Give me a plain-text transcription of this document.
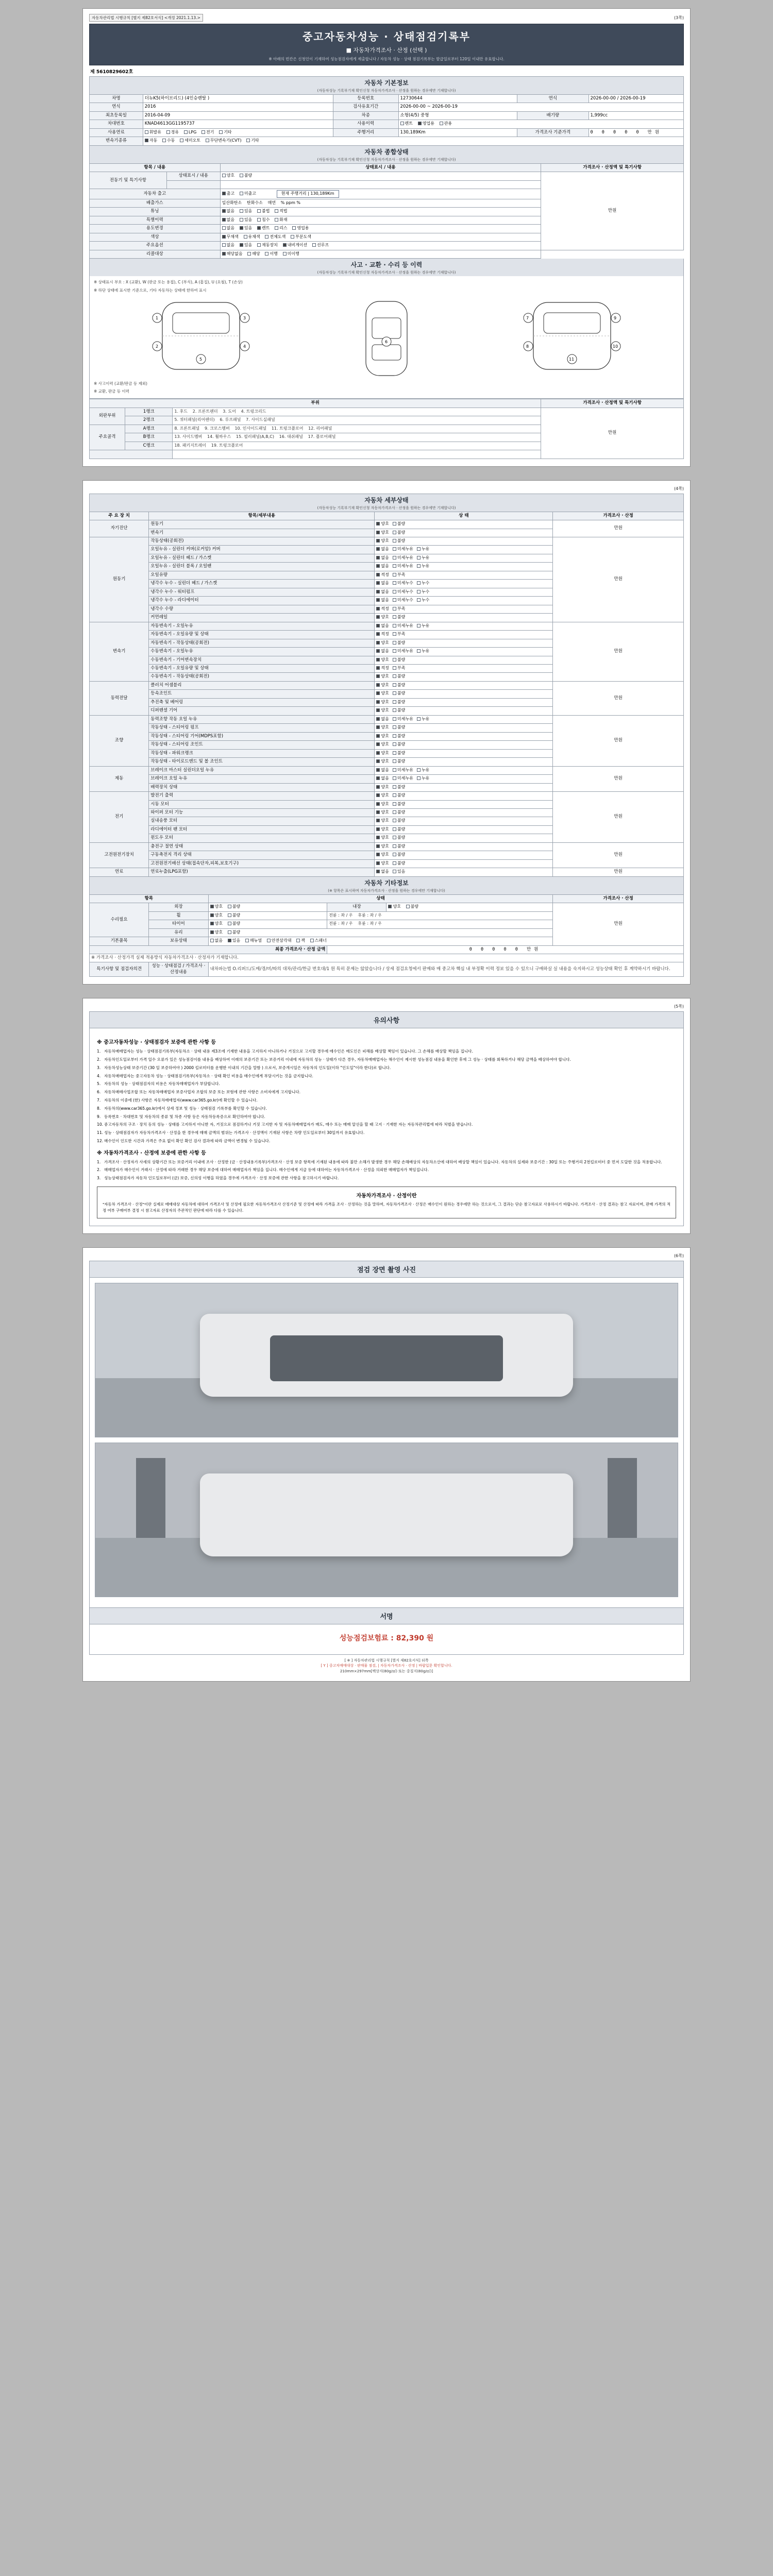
자동차관리법 시행규칙 [별지 제82호서식] <개정 2021.1.13.>	(3쪽)
중고자동차성능 · 상태점검기록부
■ 자동차가격조사 · 산정 (선택 )
※ 아래의 빈칸은 신청인이 기재하여 성능점검자에게 제출합니다 / 자동차 성능 · 상태 점검기록부는 발급일로부터 120일 이내만 유효합니다.
제 5610829602호
자동차 기본정보
(자동차성능 기록부기재 확인신청 자동차가격조사 · 산정을 원하는 경우에만 기재합니다)
차명	더뉴K5(하이브리드) (4인승렌탈 )	등록번호	12730644	연식	2026-00-00 / 2026-00-19
연식	2016	검사유효기간	2026-00-00 ~ 2026-00-19		
최초등록일	2016-04-09	차종	소형(4/5) 중형	배기량	1,999cc
차대번호	KNAD4613GG1195737	사용이력	렌트 영업용 관용		
사용연료	휘발유 경유 LPG 전기 기타	주행거리	130,189Km	가격조사 기준가격	0 0 0 0 0 만원
변속기종류	자동 수동 세미오토 무단변속기(CVT) 기타				
자동차 종합상태
(자동차성능 기록부기재 확인신청 자동차가격조사 · 산정을 원하는 경우에만 기재합니다)
항목 / 내용		상태표시 / 내용	가격조사 · 산정액 및 특기사항
전동기 및 특기사항	상태표시 / 내용	양호 불량	만원

자동차 출고		출고 미출고 현재 주행거리 | 130,189Km	
배출가스		일산화탄소 탄화수소 매연 % ppm %	
튜닝		없음 있음 불법 적법	
특별이력		없음 있음 침수 화재	
용도변경		없음 있음 렌트 리스 영업용	
색상		무채색 유채색 전체도색 부분도색	
주요옵션		없음 있음 제동장치 내비게이션 선루프	
리콜대상		해당없음 해당 이행 미이행	
사고 · 교환 · 수리 등 이력
(자동차성능 기록부기재 확인신청 자동차가격조사 · 산정을 원하는 경우에만 기재합니다)
※ 상태표시 부호 : X (교환), W (판금 또는 용접), C (부식), A (흠집), U (요철), T (손상)
※ 하단 상태에 표시한 기준으로, 기타 자동차는 상태에 한하여 표시
1
2
3
4
5
6
7
8
9
10
11
※ 사고이력 (교환/판금 등 제외)
※ 교환, 판금 등 이력
부위			가격조사 · 산정액 및 특기사항
외판부위	1랭크	1. 후드 2. 프론트펜더 3. 도어 4. 트렁크리드	만원
	2랭크	5. 쿼터패널(리어펜더) 6. 루프패널 7. 사이드실패널	
주요골격	A랭크	8. 프론트패널 9. 크로스멤버 10. 인사이드패널 11. 트렁크플로어 12. 리어패널	
	B랭크	13. 사이드멤버 14. 휠하우스 15. 필러패널(A,B,C) 16. 대쉬패널 17. 플로어패널	
	C랭크	18. 패키지트레이 19. 트렁크플로어	

(4쪽)
자동차 세부상태
(자동차성능 기록부기재 확인신청 자동차가격조사 · 산정을 원하는 경우에만 기재합니다)
주 요 장 치	항목/세부내용	상 태	가격조사 · 산정
자기진단	원동기	양호 불량	만원
	변속기	양호 불량	
원동기	작동상태(공회전)	양호 불량	만원
	오일누유 - 실린더 커버(로커암) 커버	없음 미세누유 누유	
	오일누유 - 실린더 헤드 / 가스켓	없음 미세누유 누유	
	오일누유 - 실린더 블록 / 오일팬	없음 미세누유 누유	
	오일유량	적정 부족	
	냉각수 누수 - 실린더 헤드 / 가스켓	없음 미세누수 누수	
	냉각수 누수 - 워터펌프	없음 미세누수 누수	
	냉각수 누수 - 라디에이터	없음 미세누수 누수	
	냉각수 수량	적정 부족	
	커먼레일	양호 불량	
변속기	자동변속기 - 오일누유	없음 미세누유 누유	만원
	자동변속기 - 오일유량 및 상태	적정 부족	
	자동변속기 - 작동상태(공회전)	양호 불량	
	수동변속기 - 오일누유	없음 미세누유 누유	
	수동변속기 - 기어변속장치	양호 불량	
	수동변속기 - 오일유량 및 상태	적정 부족	
	수동변속기 - 작동상태(공회전)	양호 불량	
동력전달	클러치 어셈블리	양호 불량	만원
	등속조인트	양호 불량	
	추진축 및 베어링	양호 불량	
	디퍼렌셜 기어	양호 불량	
조향	동력조향 작동 오일 누유	없음 미세누유 누유	만원
	작동상태 - 스티어링 펌프	양호 불량	
	작동상태 - 스티어링 기어(MDPS포함)	양호 불량	
	작동상태 - 스티어링 조인트	양호 불량	
	작동상태 - 파워크랭크	양호 불량	
	작동상태 - 타이로드엔드 및 볼 조인트	양호 불량	
제동	브레이크 마스터 실린더오일 누유	없음 미세누유 누유	만원
	브레이크 오일 누유	없음 미세누유 누유	
	배력장치 상태	양호 불량	
전기	발전기 출력	양호 불량	만원
	시동 모터	양호 불량	
	와이퍼 모터 기능	양호 불량	
	실내송풍 모터	양호 불량	
	라디에이터 팬 모터	양호 불량	
	윈도우 모터	양호 불량	
고전원전기장치	충전구 절연 상태	양호 불량	만원
	구동축전지 격리 상태	양호 불량	
	고전원전기배선 상태(접속단자,피복,보호기구)	양호 불량	
연료	연료누출(LPG포함)	없음 있음	만원
자동차 기타정보
(※ 항목은 표시하며 자동차가격조사 · 산정을 원하는 경우에만 기재합니다)
항목		상태			가격조사 · 산정
수리필요	외장	양호 불량	내장	양호 불량	만원
	휠	양호 불량	전륜 : 좌 / 우 후륜 : 좌 / 우		
	타이어	양호 불량	전륜 : 좌 / 우 후륜 : 좌 / 우		
	유리	양호 불량			
기본품목	보유상태	없음 있음 매뉴얼 안전삼각대 잭 스패너			
최종 가격조사 · 산정 금액			0 0 0 0 0 만원		
※ 가격조사 · 산정가격 실제 적용방식 자동차가격조사 · 산정자가 기재합니다.					
특기사항 및 점검자의견	성능 · 상태점검 / 가격조사 · 산정내용	내차파는법 O.리퍼드/도매/경/비/따의 대차/관리/한금 번호대/1 원 특히 문제는 않았습니다 / 상세 점검요청에서 판매와 매 중고차 핵심 내 부정확 이력 정보 있을 수 있으니 구매하실 실 내용을 숙지하시고 성능상태 확인 후 계약하시기 바랍니다.			
(5쪽)
유의사항
※ 중고자동차성능 · 상태점검자 보증에 관한 사항 등
1. 자동차매매업자는 성능 · 상태점검기록부(자동차소 · 상태 내용 제3조에 기재한 내용을 고지하지 아니하거나 거짓으로 고지할 경우에 매수인은 매도인은 피해를 배상할 책임이 있습니다. 그 손해를 배상할 책임을 집니다.
2. 자동차인도일로부터 가격 일수 오류가 있은 성능점검이를 내용을 배상하여 이래의 보증기간 또는 보증거리 이내에 자동차의 성능 · 상태가 다른 경우, 자동차매매업자는 해수인이 제시한 성능점검 내용을 확인한 후에 그 성능 · 상태를 회복하거나 해당 금액을 배상하여야 합니다.
3. 자동차성능상태 보증기간 (30 일 보증하여야 ) 2000 킬로미터를 운행한 이내의 기간을 말함 ) 으로서, 보증개시일은 자동차의 인도일(이하 "인도일"이라 한다)로 합니다.
4. 자동차매매업자는 중고자동차 성능 · 상태점검기록부(자동차소 · 상태 확인 비용을 매수인에게 부담시키는 것을 금지합니다.
5. 자동차의 성능 · 상태점검자의 비용은 자동차매매업자가 부담합니다.
6. 자동차매매사업조합 또는 자동차매매업자 보증사업자 조합의 보증 또는 보험에 관한 사항은 소비자에게 고지합니다.
7. 자동차의 이중에 (한) 사항은 자동차매매업자(www.car365.go.kr)에 확인할 수 있습니다.
8. 자동차의(www.car365.go.kr)에서 상세 정보 및 성능 · 상태점검 기록부를 확인할 수 있습니다.
9. 등록번호 · 차대번호 및 자동차의 종류 및 차종 사항 등은 자동차등록증으로 확인하여야 합니다.
10. 중고자동차의 구조 · 장치 등의 성능 · 상태를 고지하지 아니한 자, 거짓으로 점검하거나 거짓 고지한 자 및 자동차매매업자가 매도, 매수 또는 매매 알선을 할 때 고지 · 기재한 자는 자동차관리법에 따라 처벌을 받습니다.
11. 성능 · 상태점검자가 자동차가격조사 · 산정을 한 경우에 매매 금액의 범위는 가격조사 · 산정액이 기재된 사항은 차량 인도일로부터 30일까지 유효합니다.
12. 매수인이 인도한 시간과 가격은 주요 없이 확인 확인 검사 결과에 따라 금액이 변경될 수 있습니다.
※ 자동차가격조사 · 산정에 보증에 관한 사항 등
1. 가격조사 · 산정자가 사세의 상황기간 또는 보증거리 이내에 조사 · 산정한 (금 · 산정내용기록부)가격조사 · 산정 보증 항목에 기재된 내용에 따라 불만 소해가 발생한 경우 해당 손해배상의 자동차소산에 대하여 배상할 책임이 있습니다. 자동차의 실제와 보증기간 : 30일 또는 주행거리 2천킬로미터 중 먼저 도달한 것을 적용합니다.
2. 매매업자가 매수인이 거래시 · 산정에 따라 거래한 경우 해당 보증에 대하여 매매업자가 책임을 집니다. 매수인에게 지급 등에 대하여는 자동차가격조사 · 산정을 의뢰한 매매업자가 책임집니다.
3. 성능상태점검자가 자동차 인도일로부터 (금) 보증, 신의성 이행을 하였을 경우에 가격조사 · 산정 보증에 관한 사항을 참고하시기 바랍니다.
자동차가격조사 · 산정이란

"자동차 가격조사 · 산정"이란 실제로 매매대상 자동차에 대하여 가격조사 및 산정에 필요한 자동차가격조사 산정기준 및 산정에 따라 가격을 조사 · 산정하는 것을 말하며, 자동차가격조사 · 산정은 매수인이 원하는 경우에만 하는 것으로서, 그 결과는 단순 참고자료로 사용하시기 바랍니다. 가격조사 · 산정 결과는 참고 자료이며, 판매 가격의 적정 여부 구매여부 결정 시 참고자료 산정자의 주관적인 판단에 따라 다를 수 있습니다.

(6쪽)
점검 장면 촬영 사진
서명
성능점검보험료 : 82,390 원
[ ※ ] 자동차관리법 시행규칙 [별지 제82호서식] 뒤쪽
[ Y ] 중고차매매대상 · 판매물 점검, | 자동차가격조사 · 산정 | 바랍입문 확인합니다.
210mm×297mm[백상지(80g/㎡) 또는 중질지(80g/㎡)]
